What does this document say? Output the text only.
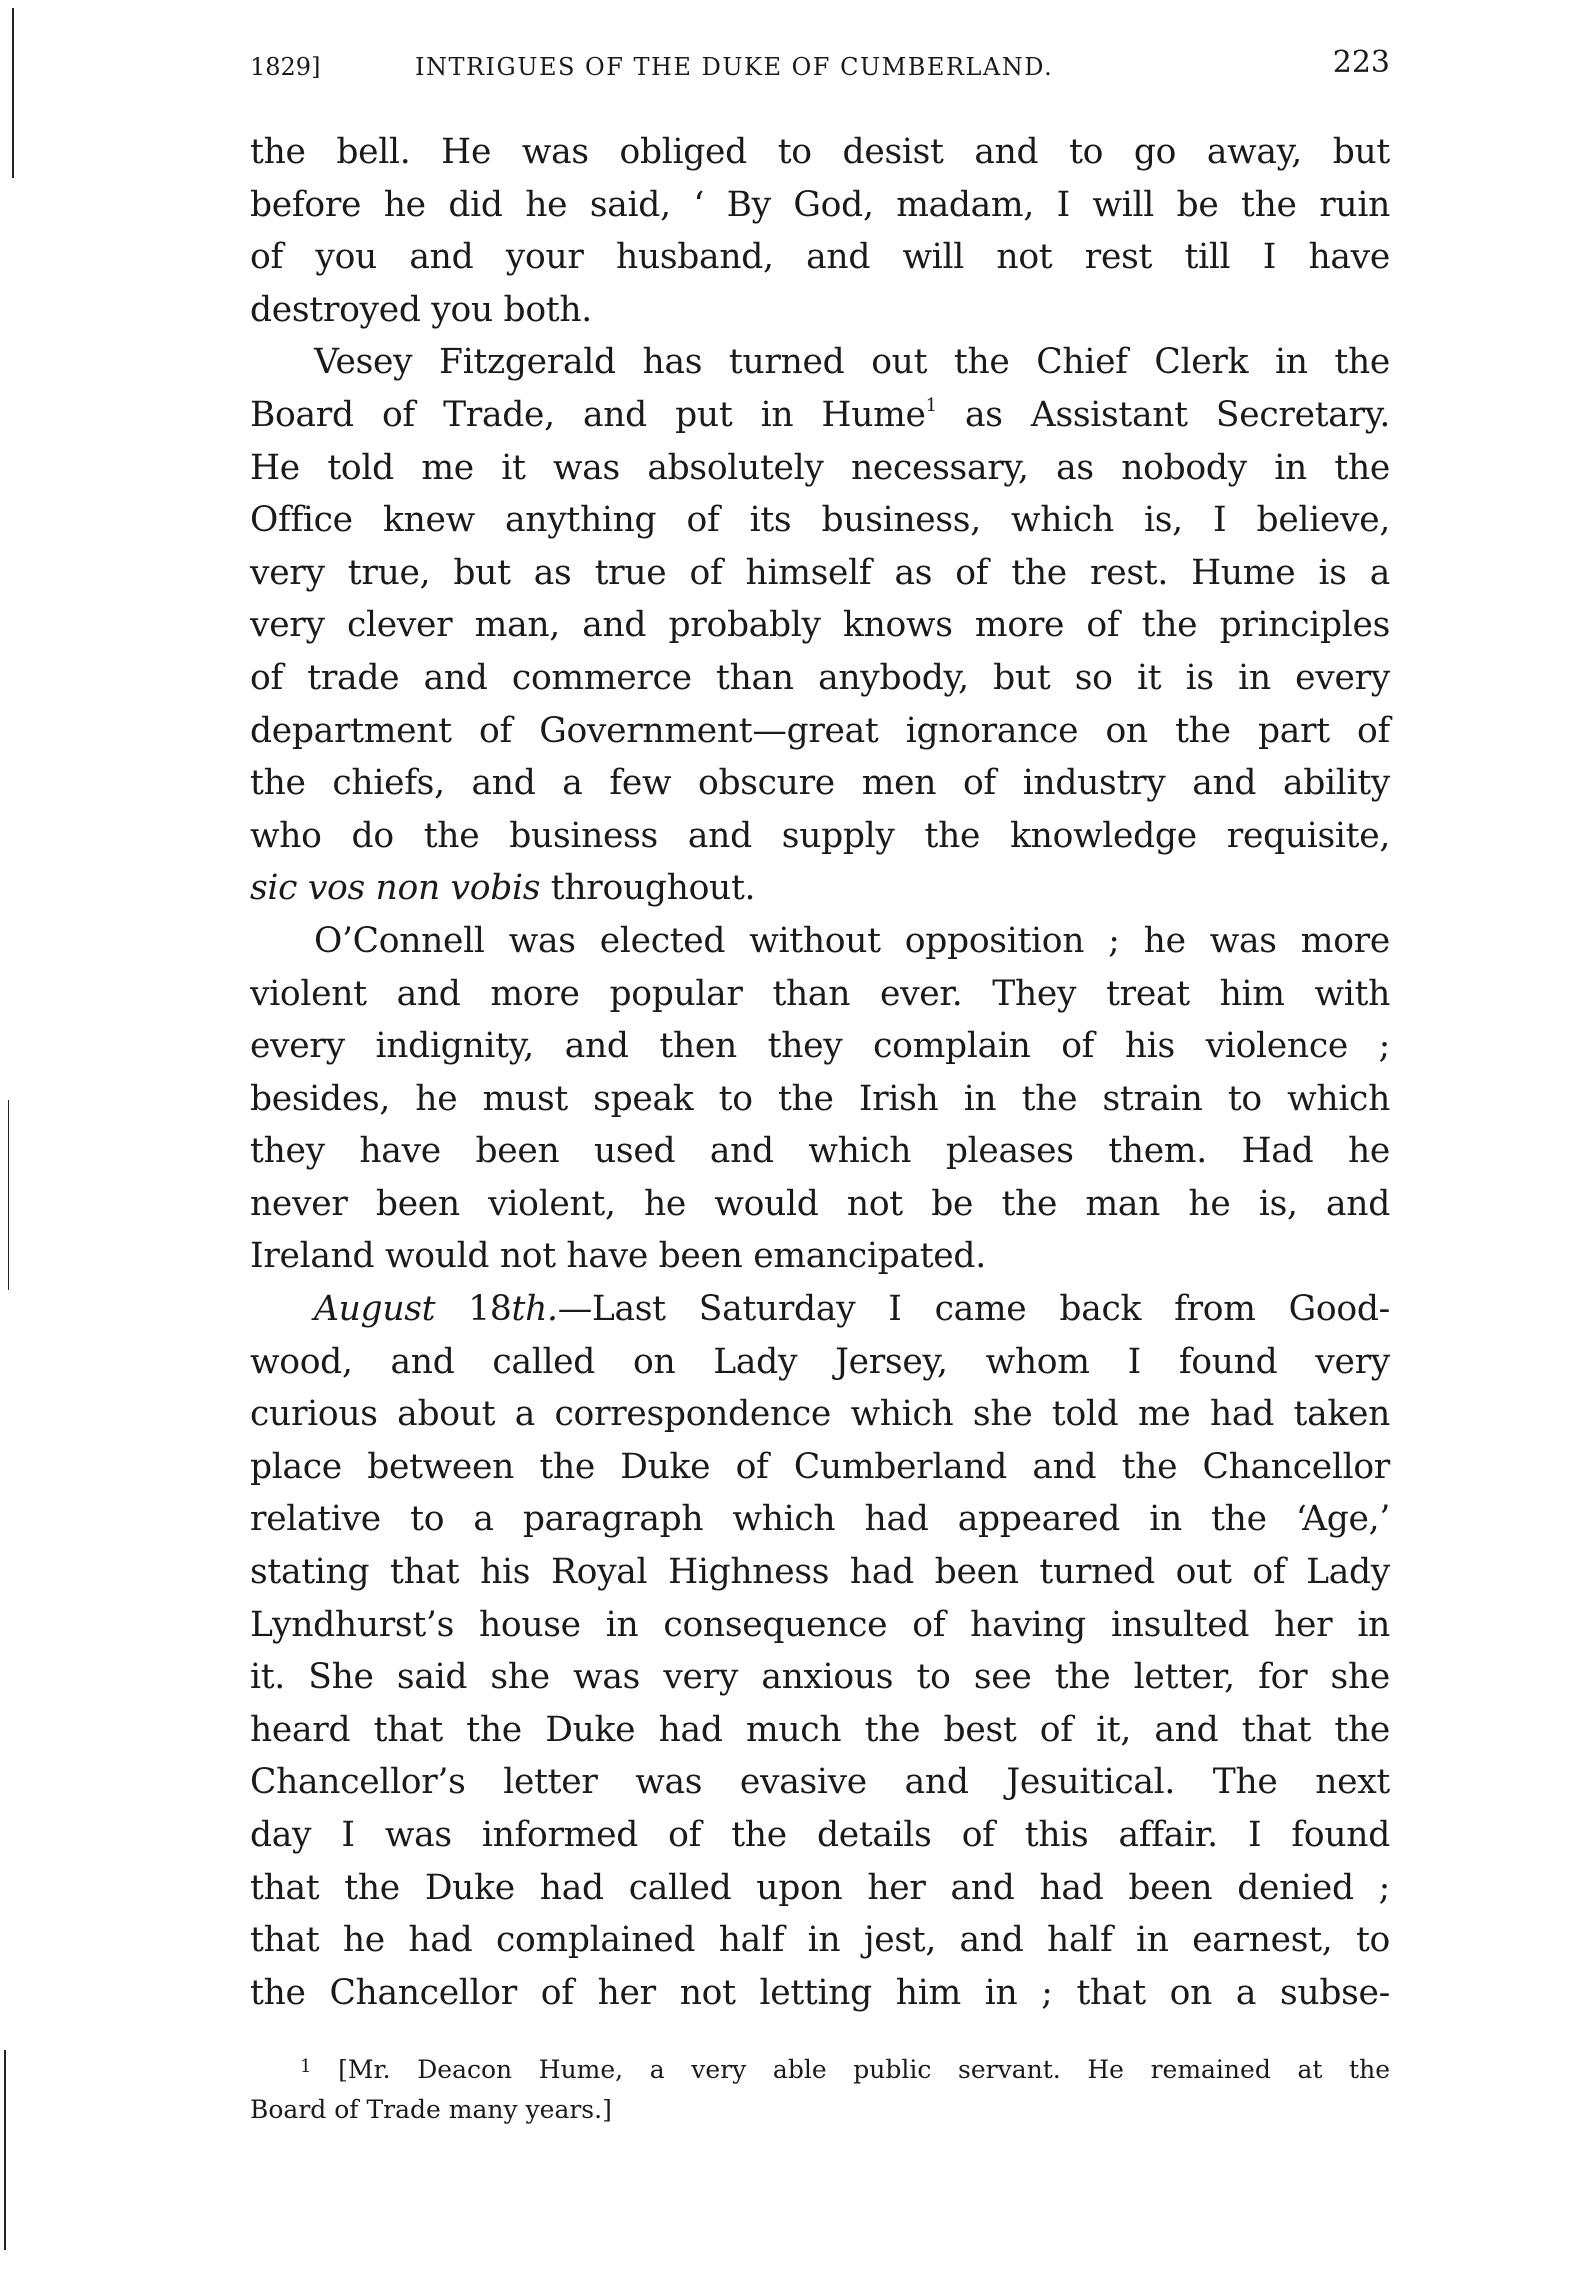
1829]	INTRIGUES OF THE DUKE OF CUMBERLAND.	223
the bell. He was obliged to desist and to go away, but
before he did he said, ‘ By God, madam, I will be the ruin
of you and your husband, and will not rest till I have
destroyed you both.
Vesey Fitzgerald has turned out the Chief Clerk in the
Board of Trade, and put in Hume$^1$ as Assistant Secretary.
He told me it was absolutely necessary, as nobody in the
Office knew anything of its business, which is, I believe,
very true, but as true of himself as of the rest. Hume is a
very clever man, and probably knows more of the principles
of trade and commerce than anybody, but so it is in every
department of Government—great ignorance on the part of
the chiefs, and a few obscure men of industry and ability
who do the business and supply the knowledge requisite,
sic vos non vobis throughout.
O’Connell was elected without opposition ; he was more
violent and more popular than ever. They treat him with
every indignity, and then they complain of his violence ;
besides, he must speak to the Irish in the strain to which
they have been used and which pleases them. Had he
never been violent, he would not be the man he is, and
Ireland would not have been emancipated.
August 18th.—Last Saturday I came back from Good-
wood, and called on Lady Jersey, whom I found very
curious about a correspondence which she told me had taken
place between the Duke of Cumberland and the Chancellor
relative to a paragraph which had appeared in the ‘Age,’
stating that his Royal Highness had been turned out of Lady
Lyndhurst’s house in consequence of having insulted her in
it. She said she was very anxious to see the letter, for she
heard that the Duke had much the best of it, and that the
Chancellor’s letter was evasive and Jesuitical. The next
day I was informed of the details of this affair. I found
that the Duke had called upon her and had been denied ;
that he had complained half in jest, and half in earnest, to
the Chancellor of her not letting him in ; that on a subse-
$^1$ [Mr. Deacon Hume, a very able public servant. He remained at the
Board of Trade many years.]
